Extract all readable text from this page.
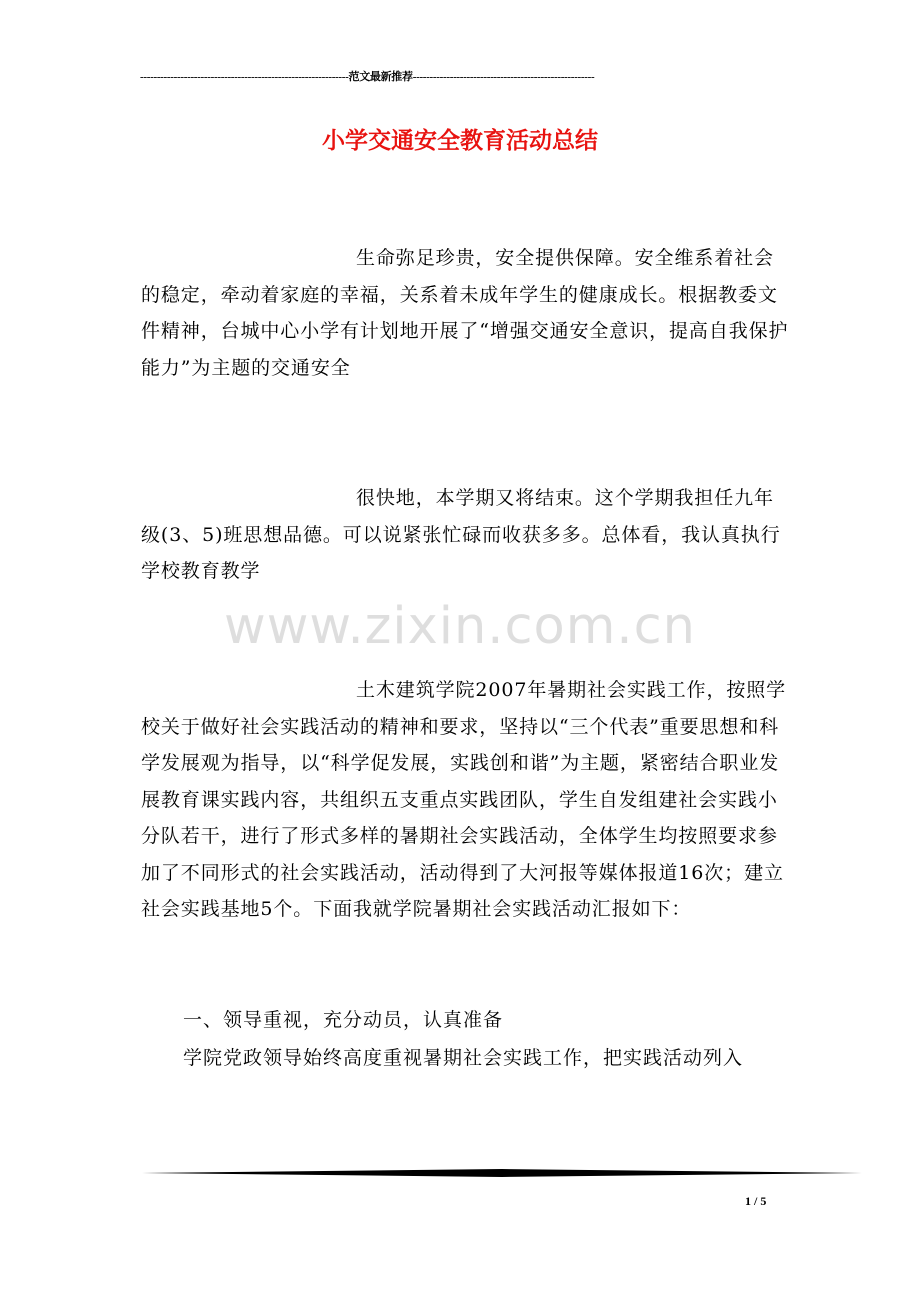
--------------------------------------------------------------范文最新推荐------------------------------------------------------
小学交通安全教育活动总结
www.zixin.com.cn

生命弥足珍贵，安全提供保障。安全维系着社会的稳定，牵动着家庭的幸福，关系着未成年学生的健康成长。根据教委文件精神，台城中心小学有计划地开展了“增强交通安全意识，提高自我保护能力”为主题的交通安全

很快地，本学期又将结束。这个学期我担任九年级(3、5)班思想品德。可以说紧张忙碌而收获多多。总体看，我认真执行学校教育教学

土木建筑学院2007年暑期社会实践工作，按照学校关于做好社会实践活动的精神和要求，坚持以“三个代表”重要思想和科学发展观为指导，以“科学促发展，实践创和谐”为主题，紧密结合职业发展教育课实践内容，共组织五支重点实践团队，学生自发组建社会实践小分队若干，进行了形式多样的暑期社会实践活动，全体学生均按照要求参加了不同形式的社会实践活动，活动得到了大河报等媒体报道16次；建立社会实践基地5个。下面我就学院暑期社会实践活动汇报如下：

一、领导重视，充分动员，认真准备
学院党政领导始终高度重视暑期社会实践工作，把实践活动列入
1 / 5
